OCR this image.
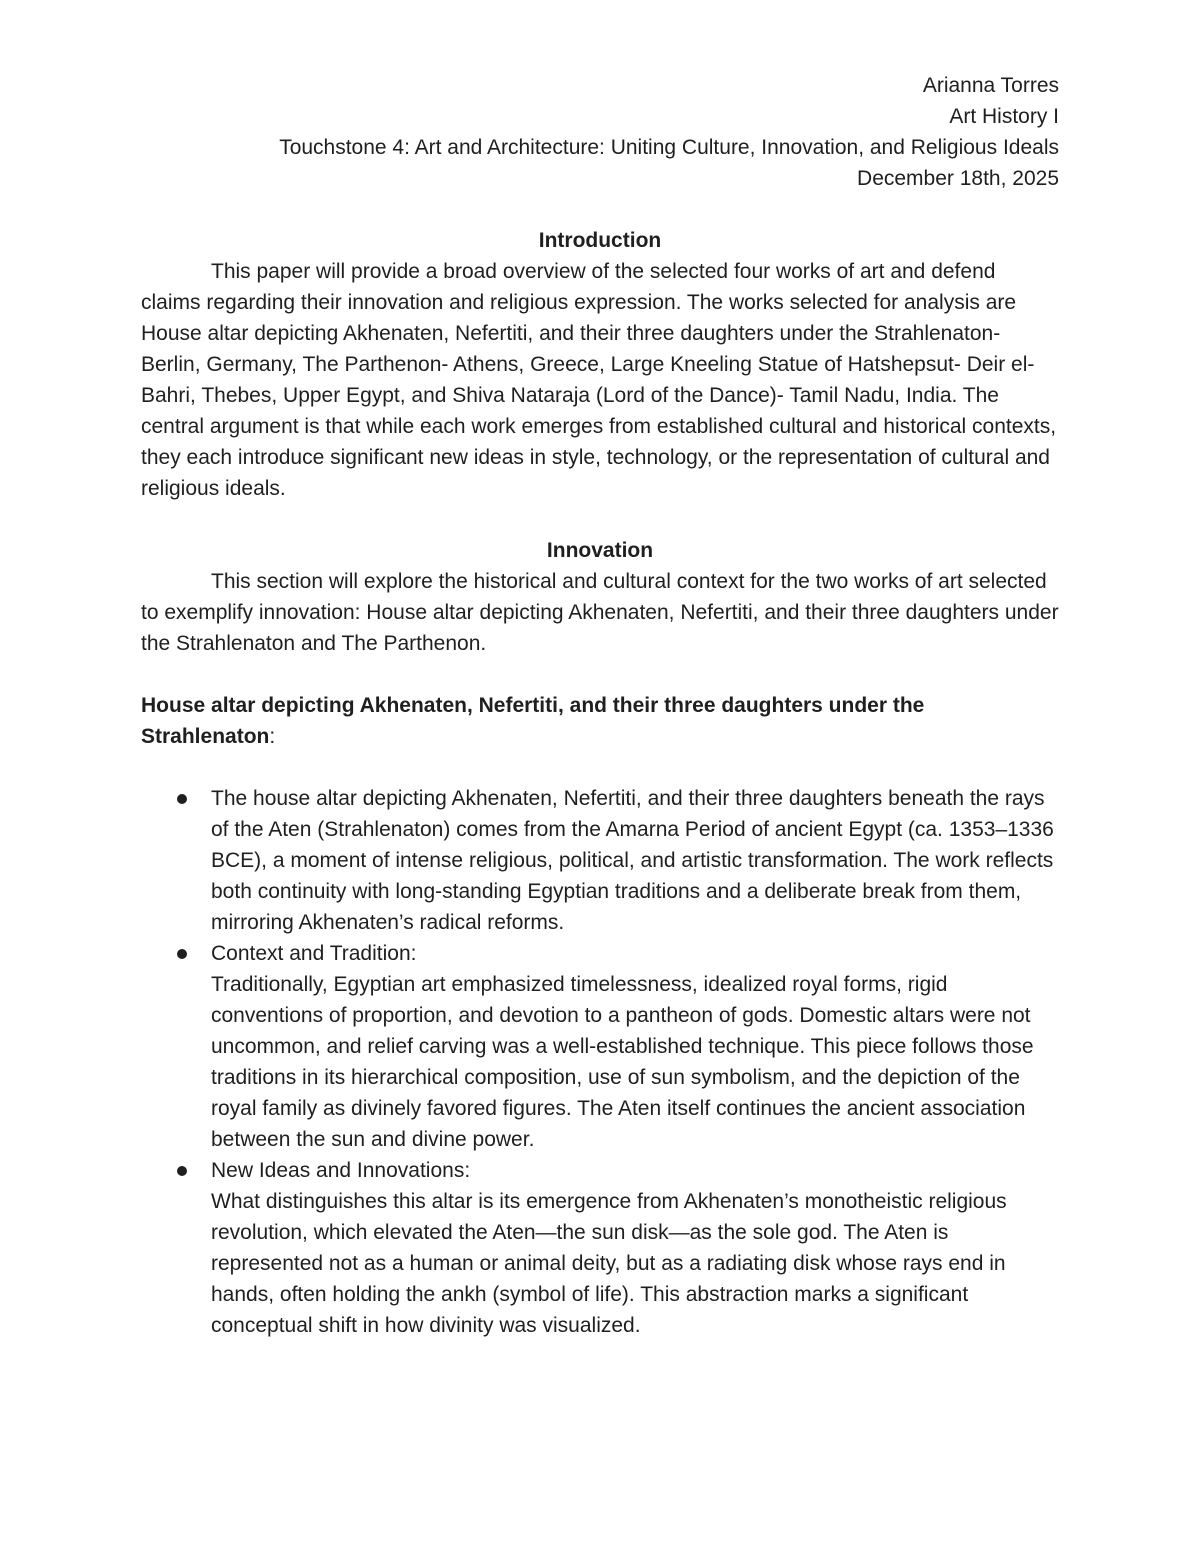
Arianna Torres
Art History I
Touchstone 4: Art and Architecture: Uniting Culture, Innovation, and Religious Ideals
December 18th, 2025
Introduction

This paper will provide a broad overview of the selected four works of art and defend claims regarding their innovation and religious expression. The works selected for analysis are House altar depicting Akhenaten, Nefertiti, and their three daughters under the Strahlenaton- Berlin, Germany, The Parthenon- Athens, Greece, Large Kneeling Statue of Hatshepsut- Deir el-Bahri, Thebes, Upper Egypt, and Shiva Nataraja (Lord of the Dance)- Tamil Nadu, India. The central argument is that while each work emerges from established cultural and historical contexts, they each introduce significant new ideas in style, technology, or the representation of cultural and religious ideals.

Innovation

This section will explore the historical and cultural context for the two works of art selected to exemplify innovation: House altar depicting Akhenaten, Nefertiti, and their three daughters under the Strahlenaton and The Parthenon.

House altar depicting Akhenaten, Nefertiti, and their three daughters under the Strahlenaton:

The house altar depicting Akhenaten, Nefertiti, and their three daughters beneath the rays of the Aten (Strahlenaton) comes from the Amarna Period of ancient Egypt (ca. 1353–1336 BCE), a moment of intense religious, political, and artistic transformation. The work reflects both continuity with long-standing Egyptian traditions and a deliberate break from them, mirroring Akhenaten’s radical reforms.
Context and Tradition:
Traditionally, Egyptian art emphasized timelessness, idealized royal forms, rigid conventions of proportion, and devotion to a pantheon of gods. Domestic altars were not uncommon, and relief carving was a well-established technique. This piece follows those traditions in its hierarchical composition, use of sun symbolism, and the depiction of the royal family as divinely favored figures. The Aten itself continues the ancient association between the sun and divine power.
New Ideas and Innovations:
What distinguishes this altar is its emergence from Akhenaten’s monotheistic religious revolution, which elevated the Aten—the sun disk—as the sole god. The Aten is represented not as a human or animal deity, but as a radiating disk whose rays end in hands, often holding the ankh (symbol of life). This abstraction marks a significant conceptual shift in how divinity was visualized.
